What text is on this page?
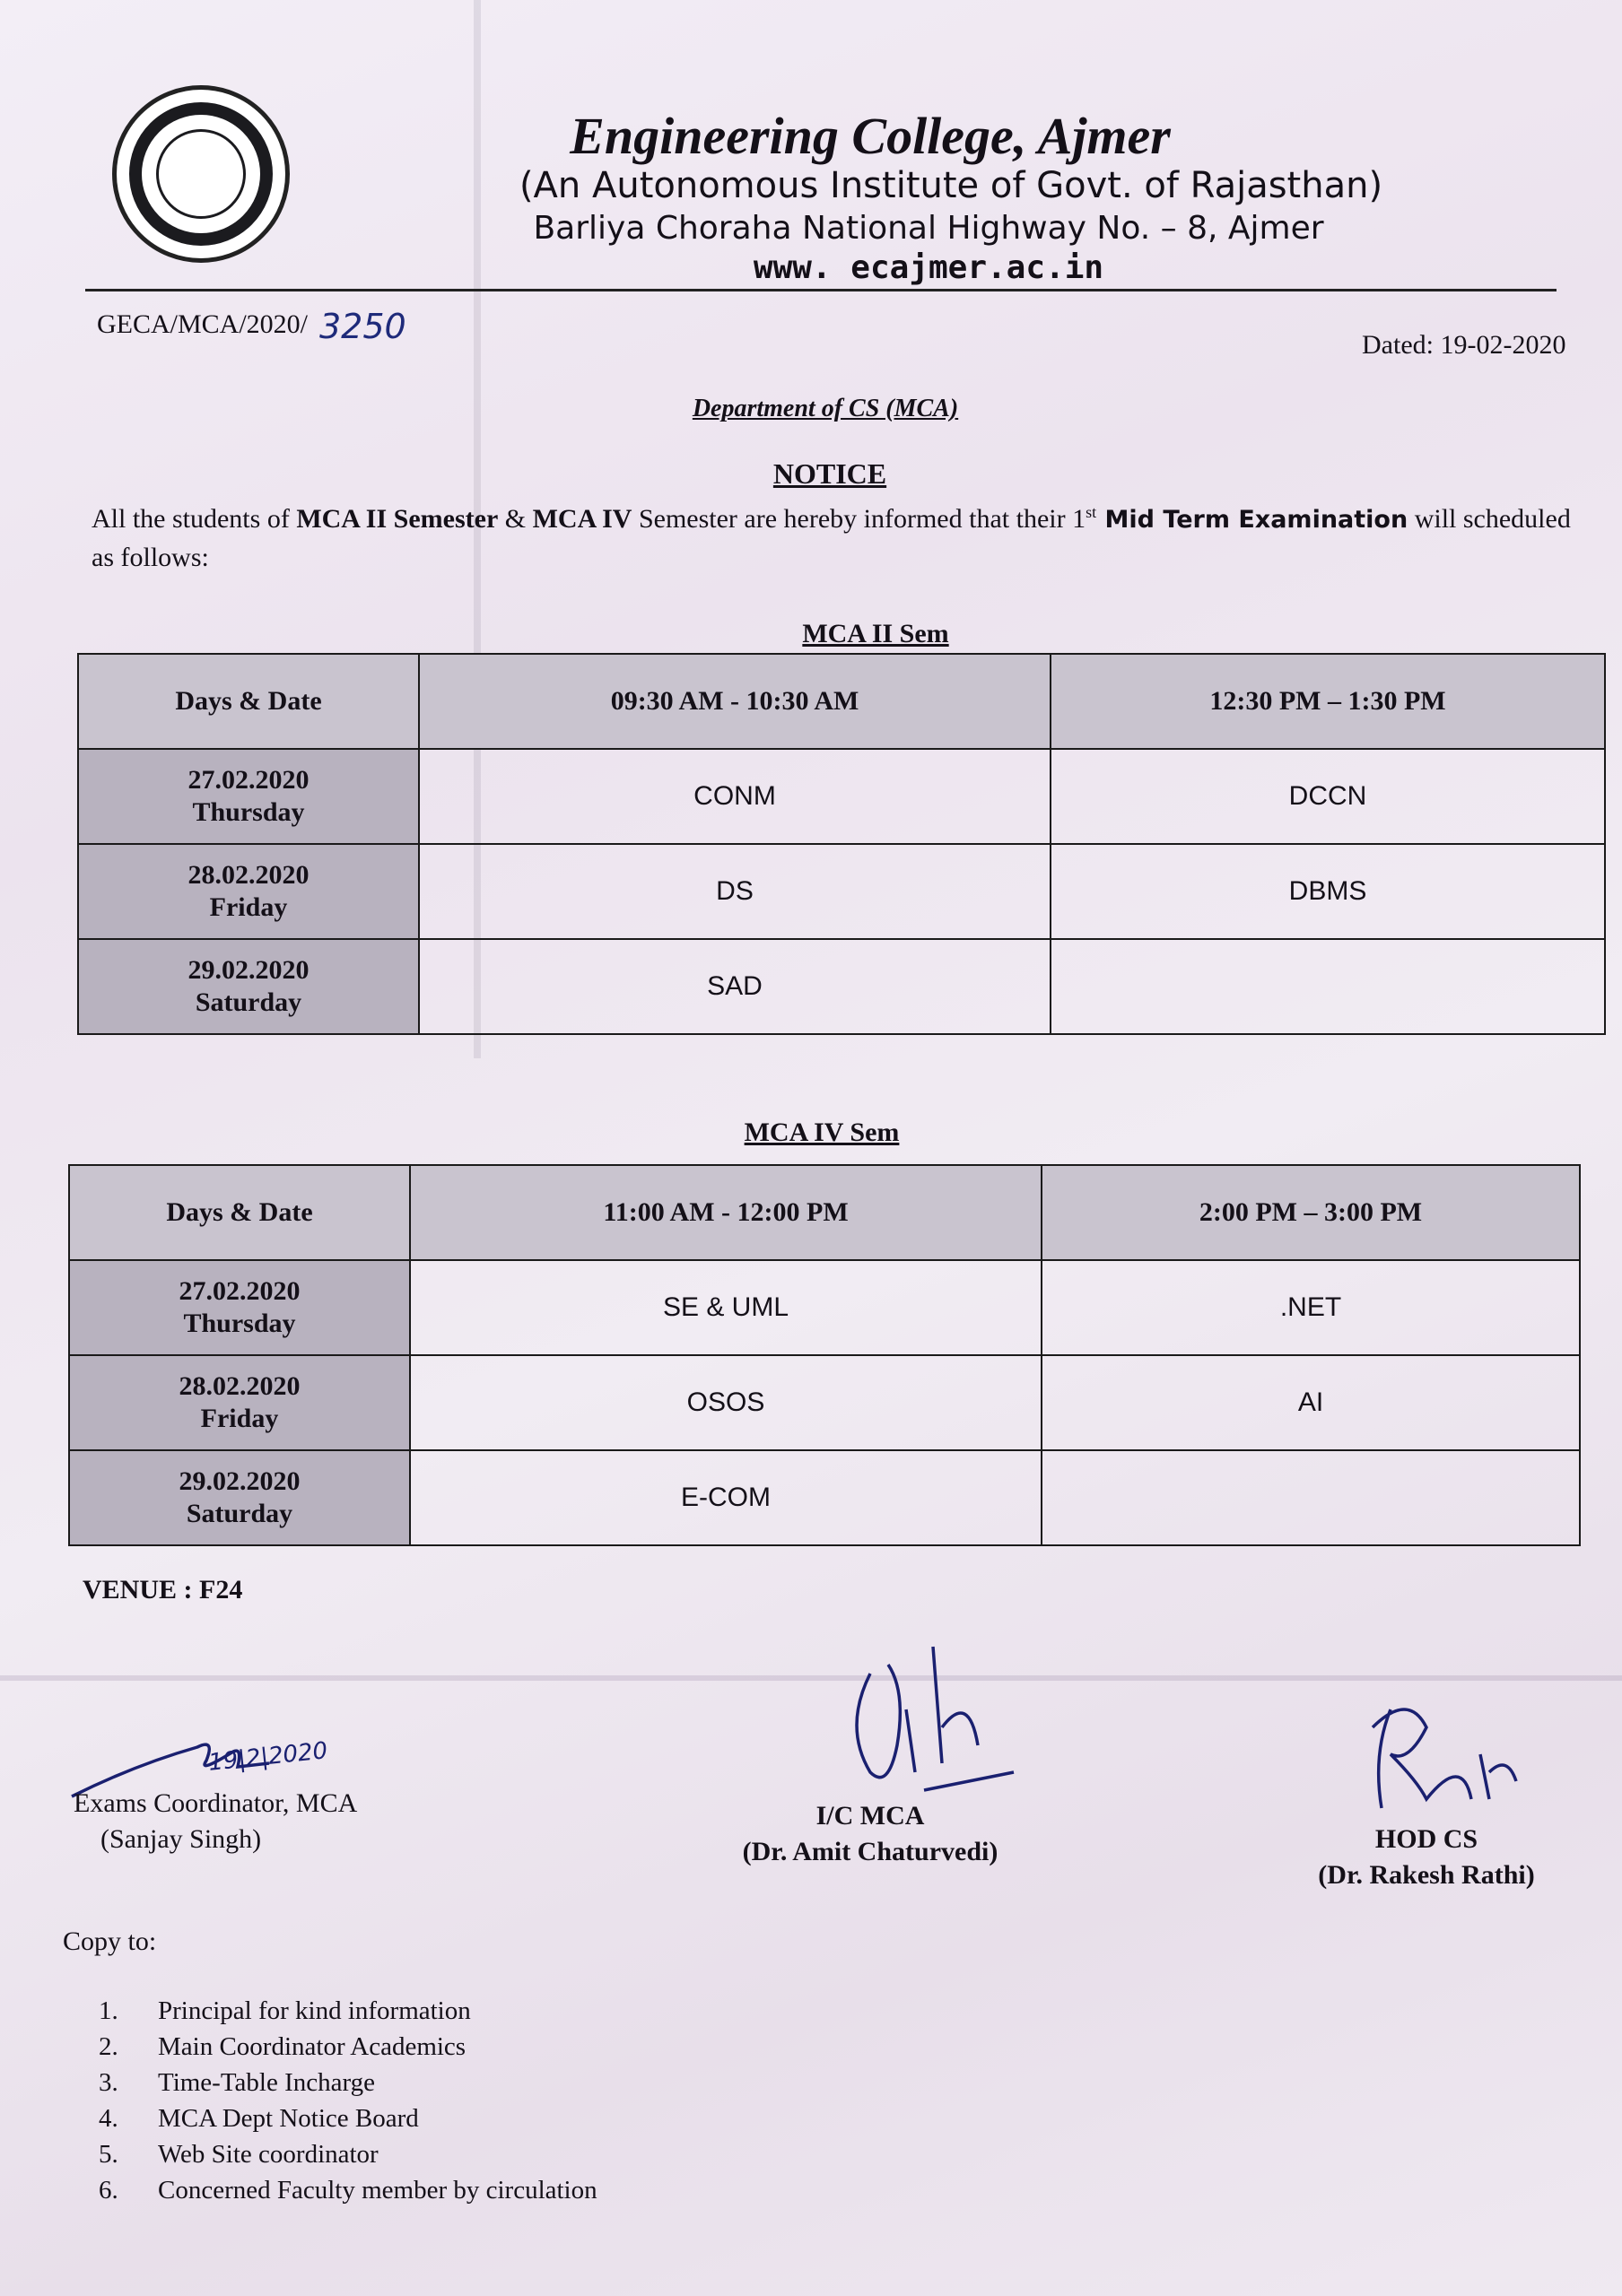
Engineering College, Ajmer
(An Autonomous Institute of Govt. of Rajasthan)
Barliya Choraha National Highway No. – 8, Ajmer
www. ecajmer.ac.in
GECA/MCA/2020/ 3250	Dated: 19-02-2020
Department of CS (MCA)
NOTICE
All the students of MCA II Semester & MCA IV Semester are hereby informed that their 1st Mid Term Examination will scheduled as follows:
MCA II Sem
Days & Date	09:30 AM - 10:30 AM	12:30 PM – 1:30 PM

27.02.2020
Thursday	CONM	DCCN

28.02.2020
Friday	DS	DBMS

29.02.2020
Saturday	SAD	
MCA IV Sem
Days & Date	11:00 AM - 12:00 PM	2:00 PM – 3:00 PM

27.02.2020
Thursday	SE & UML	.NET

28.02.2020
Friday	OSOS	AI

29.02.2020
Saturday	E-COM	
VENUE : F24
19|2|2020
Exams Coordinator, MCA
(Sanjay Singh)
I/C MCA
(Dr. Amit Chaturvedi)	HOD CS
(Dr. Rakesh Rathi)
Copy to:
1.	Principal for kind information
2.	Main Coordinator Academics
3.	Time-Table Incharge
4.	MCA Dept Notice Board
5.	Web Site coordinator
6.	Concerned Faculty member by circulation
